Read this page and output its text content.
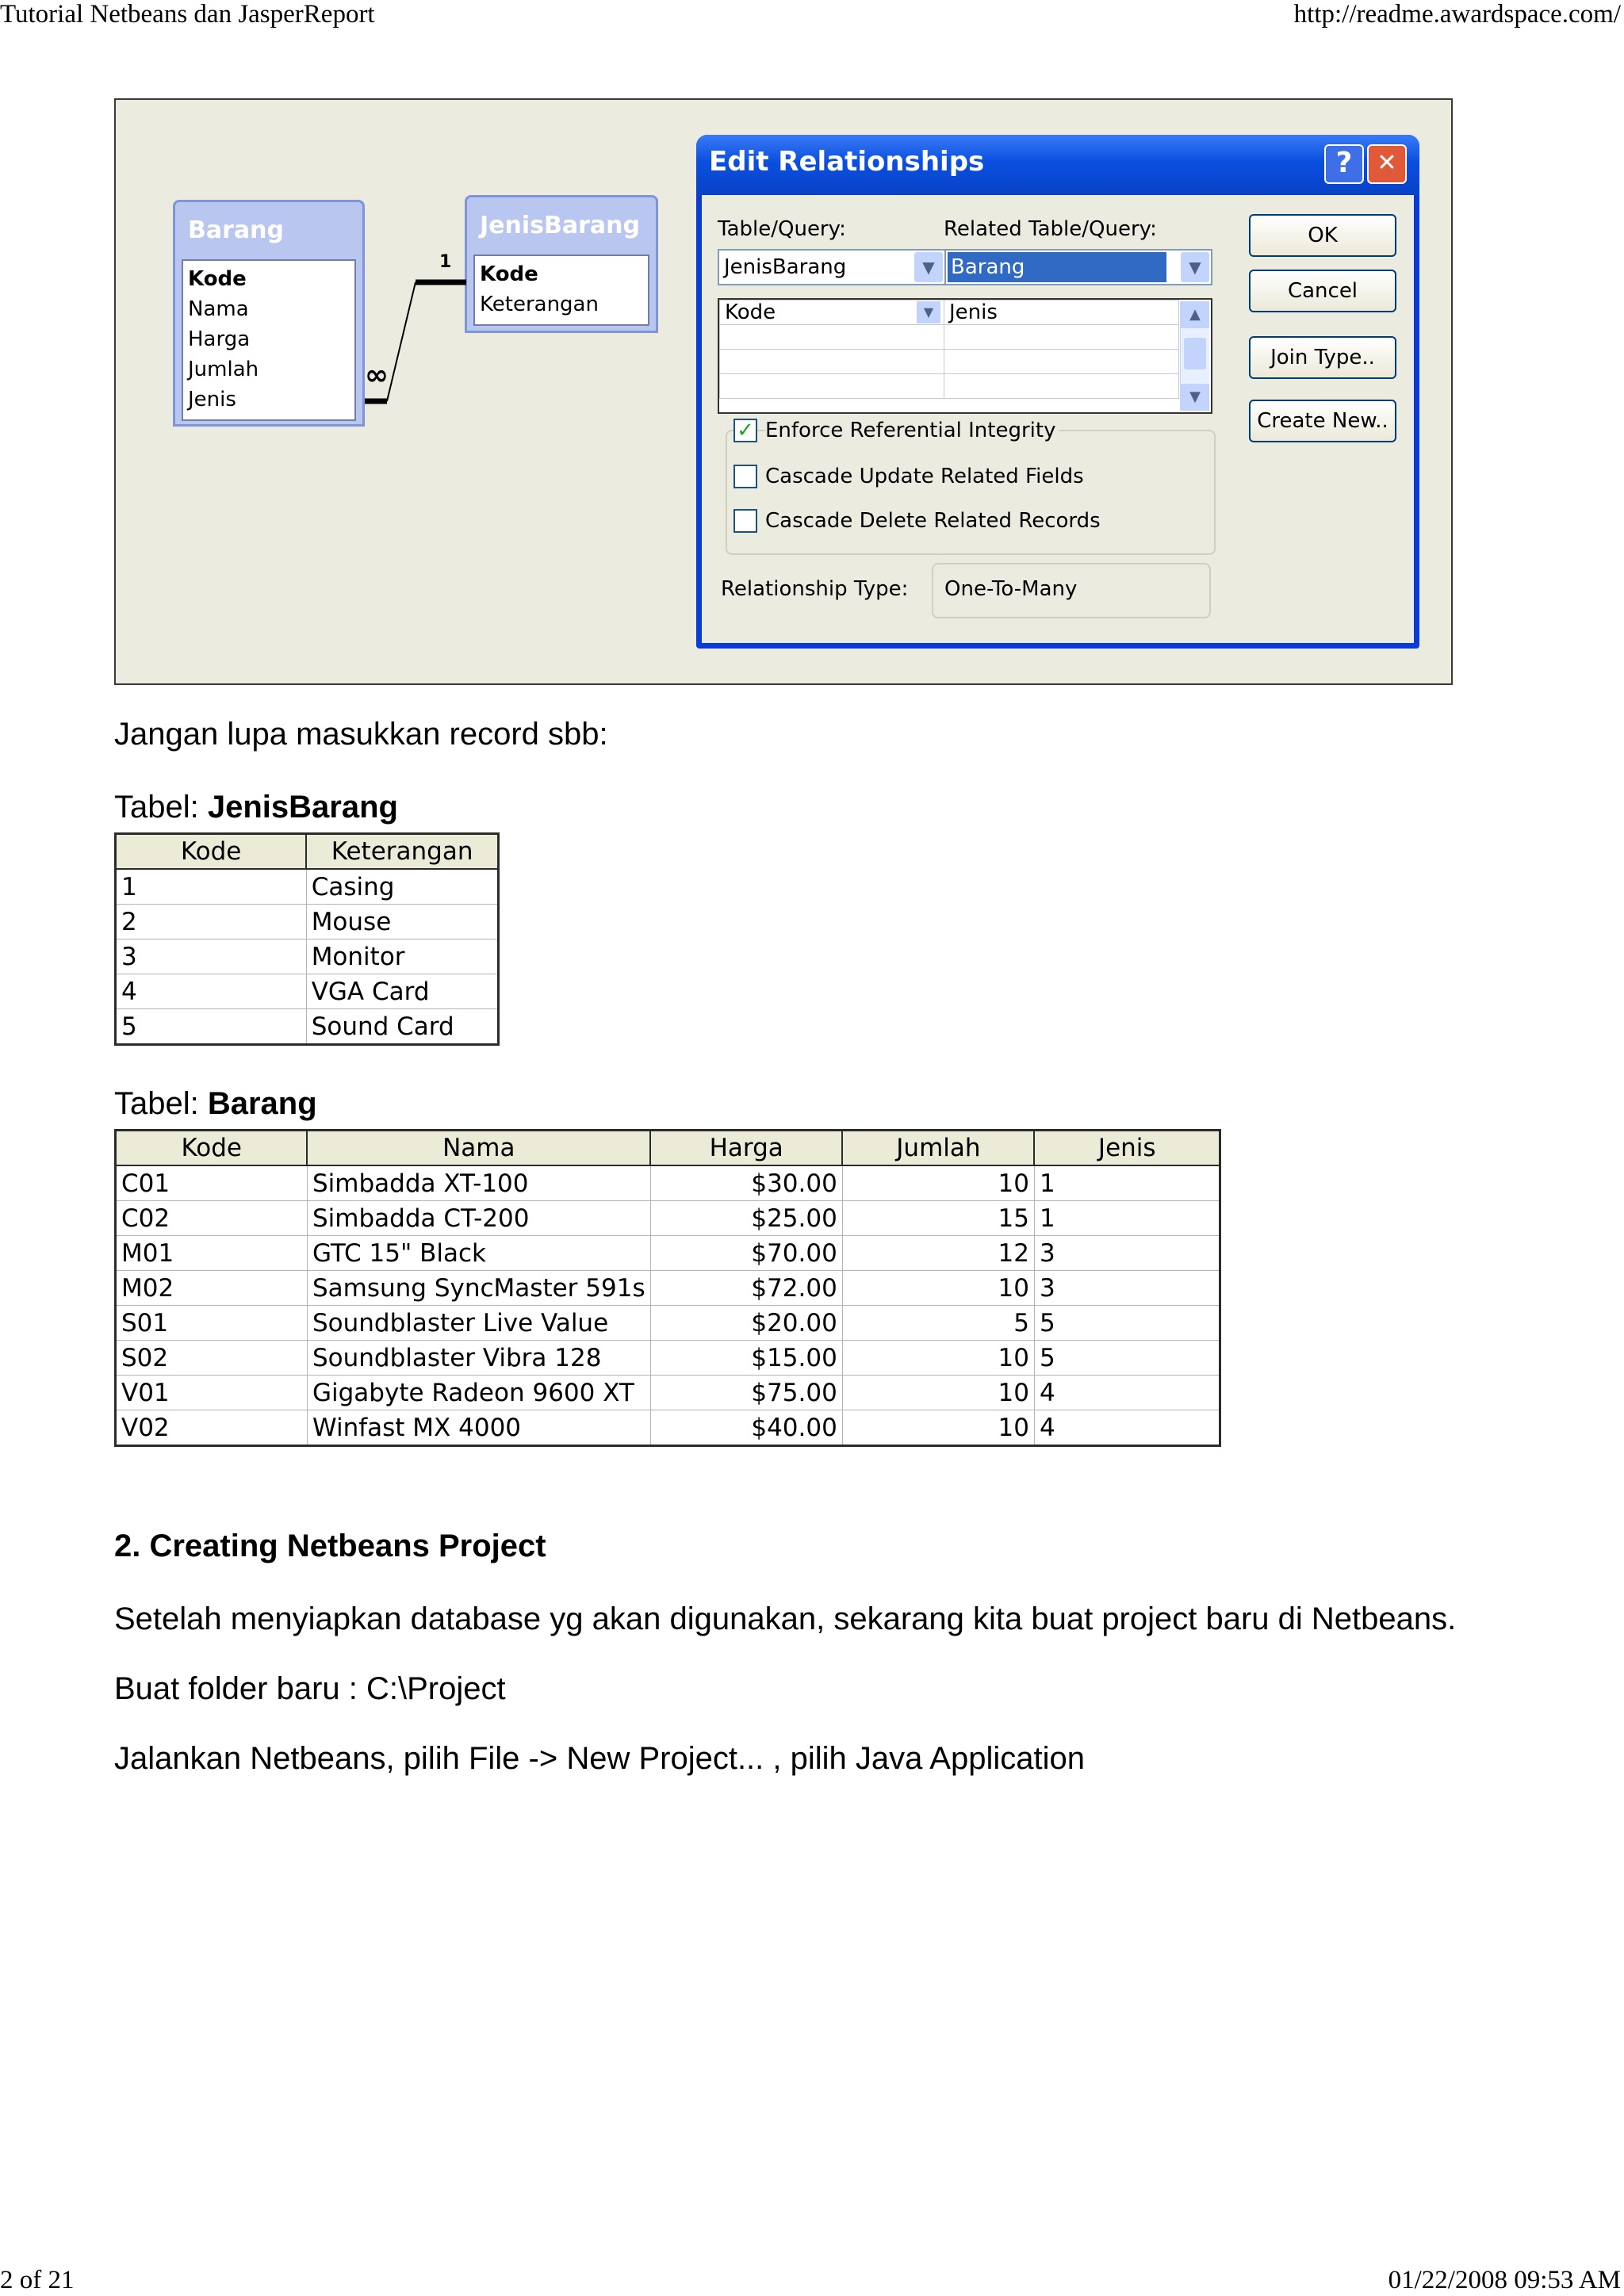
Tutorial Netbeans dan JasperReport	http://readme.awardspace.com/
Barang
Kode
Nama
Harga
Jumlah
Jenis
JenisBarang
Kode
Keterangan
1
∞
Edit Relationships	?	✕
Table/Query:	Related Table/Query:
JenisBarang	▼ Barang	▼
Kode ▼	Jenis

		▲
▼
✓ Enforce Referential Integrity
Cascade Update Related Fields
Cascade Delete Related Records
Relationship Type: One-To-Many
OK
Cancel
Join Type..
Create New..
Jangan lupa masukkan record sbb:
Tabel: JenisBarang
Kode	Keterangan
1	Casing
2	Mouse
3	Monitor
4	VGA Card
5	Sound Card
Tabel: Barang
Kode	Nama	Harga	Jumlah	Jenis
C01	Simbadda XT-100	$30.00	10	1
C02	Simbadda CT-200	$25.00	15	1
M01	GTC 15" Black	$70.00	12	3
M02	Samsung SyncMaster 591s	$72.00	10	3
S01	Soundblaster Live Value	$20.00	5	5
S02	Soundblaster Vibra 128	$15.00	10	5
V01	Gigabyte Radeon 9600 XT	$75.00	10	4
V02	Winfast MX 4000	$40.00	10	4
2. Creating Netbeans Project
Setelah menyiapkan database yg akan digunakan, sekarang kita buat project baru di Netbeans.
Buat folder baru : C:\Project
Jalankan Netbeans, pilih File -> New Project... , pilih Java Application
2 of 21	01/22/2008 09:53 AM
